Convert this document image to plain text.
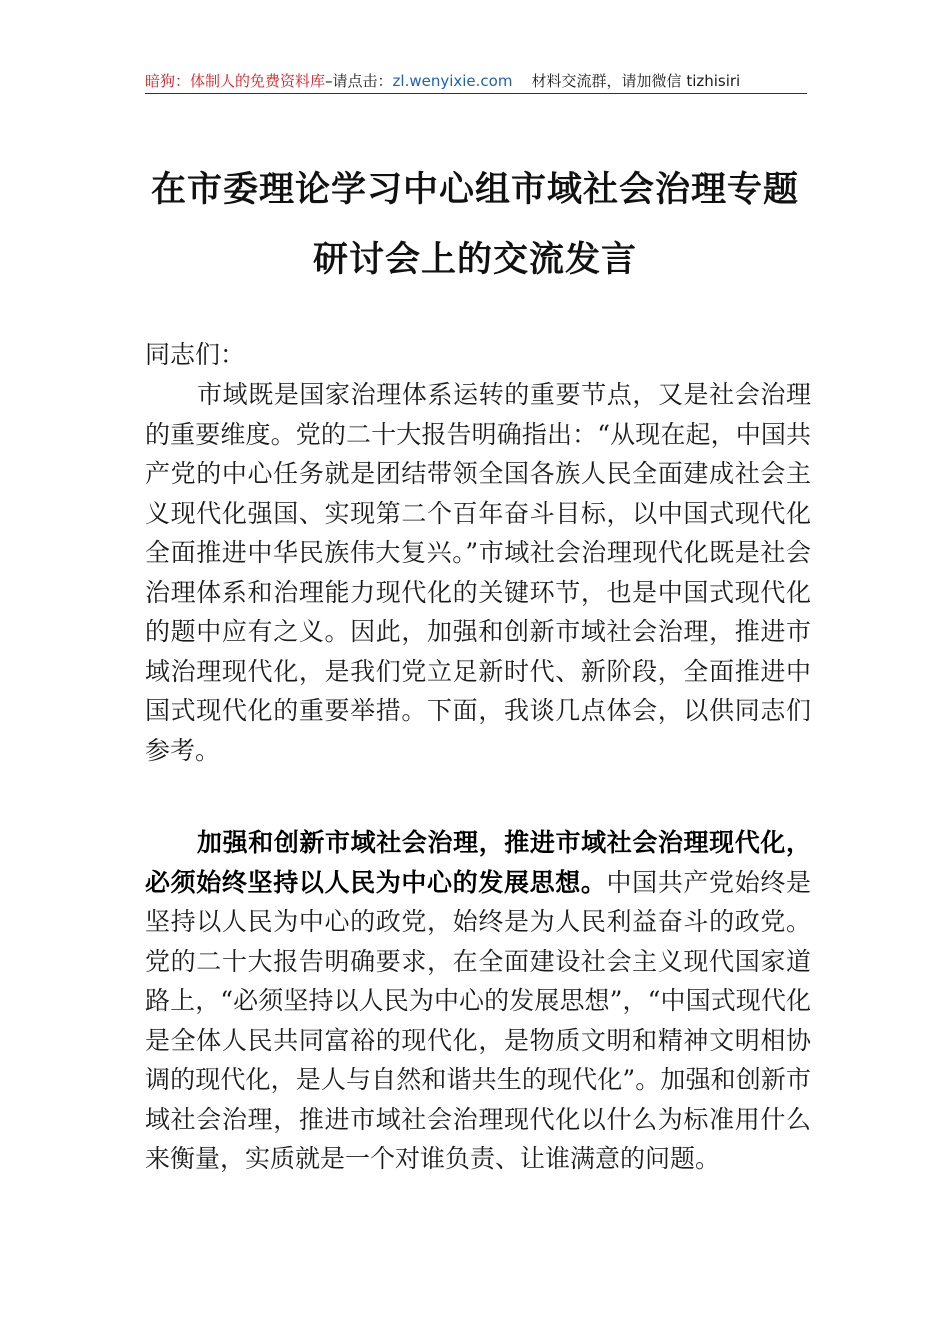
暗狗：体制人的免费资料库–请点击：zl.wenyixie.com 材料交流群，请加微信 tizhisiri
在市委理论学习中心组市域社会治理专题
研讨会上的交流发言
同志们：
市域既是国家治理体系运转的重要节点，又是社会治理的重要维度。党的二十大报告明确指出：“从现在起，中国共产党的中心任务就是团结带领全国各族人民全面建成社会主义现代化强国、实现第二个百年奋斗目标，以中国式现代化全面推进中华民族伟大复兴。”市域社会治理现代化既是社会治理体系和治理能力现代化的关键环节，也是中国式现代化的题中应有之义。因此，加强和创新市域社会治理，推进市域治理现代化，是我们党立足新时代、新阶段，全面推进中国式现代化的重要举措。下面，我谈几点体会，以供同志们参考。
加强和创新市域社会治理，推进市域社会治理现代化，必须始终坚持以人民为中心的发展思想。中国共产党始终是坚持以人民为中心的政党，始终是为人民利益奋斗的政党。党的二十大报告明确要求，在全面建设社会主义现代国家道路上，“必须坚持以人民为中心的发展思想”，“中国式现代化是全体人民共同富裕的现代化，是物质文明和精神文明相协调的现代化，是人与自然和谐共生的现代化”。加强和创新市域社会治理，推进市域社会治理现代化以什么为标准用什么来衡量，实质就是一个对谁负责、让谁满意的问题。
